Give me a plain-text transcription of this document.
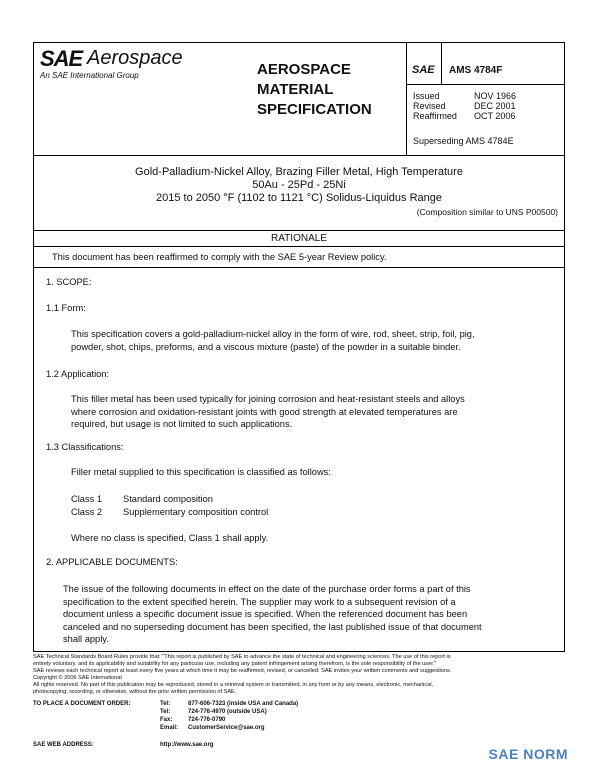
SAE Aerospace
An SAE International Group	AEROSPACE
MATERIAL
SPECIFICATION
SAE AMS 4784F
Issued	NOV 1966
Revised	DEC 2001
Reaffirmed OCT 2006
Superseding AMS 4784E
Gold-Palladium-Nickel Alloy, Brazing Filler Metal, High Temperature
50Au - 25Pd - 25Ni
2015 to 2050 °F (1102 to 1121 °C) Solidus-Liquidus Range
(Composition similar to UNS P00500)
RATIONALE
This document has been reaffirmed to comply with the SAE 5-year Review policy.
1. SCOPE:
1.1 Form:
This specification covers a gold-palladium-nickel alloy in the form of wire, rod, sheet, strip, foil, pig,
powder, shot, chips, preforms, and a viscous mixture (paste) of the powder in a suitable binder.
1.2 Application:
This filler metal has been used typically for joining corrosion and heat-resistant steels and alloys
where corrosion and oxidation-resistant joints with good strength at elevated temperatures are
required, but usage is not limited to such applications.
1.3 Classifications:
Filler metal supplied to this specification is classified as follows:
Class 1 Standard composition
Class 2 Supplementary composition control
Where no class is specified, Class 1 shall apply.
2. APPLICABLE DOCUMENTS:
The issue of the following documents in effect on the date of the purchase order forms a part of this
specification to the extent specified herein. The supplier may work to a subsequent revision of a
document unless a specific document issue is specified. When the referenced document has been
canceled and no superseding document has been specified, the last published issue of that document
shall apply.
SAE Technical Standards Board Rules provide that: "This report is published by SAE to advance the state of technical and engineering sciences. The use of this report is
entirely voluntary, and its applicability and suitability for any particular use, including any patent infringement arising therefrom, is the sole responsibility of the user."
SAE reviews each technical report at least every five years at which time it may be reaffirmed, revised, or cancelled. SAE invites your written comments and suggestions.
Copyright © 2006 SAE International
All rights reserved. No part of this publication may be reproduced, stored in a retrieval system or transmitted, in any form or by any means, electronic, mechanical,
photocopying, recording, or otherwise, without the prior written permission of SAE.
TO PLACE A DOCUMENT ORDER:	Tel:	877-606-7323 (inside USA and Canada)
Tel:	724-776-4970 (outside USA)
Fax:	724-776-0790
Email: CustomerService@sae.org
SAE WEB ADDRESS:	http://www.sae.org
SAE NORM
